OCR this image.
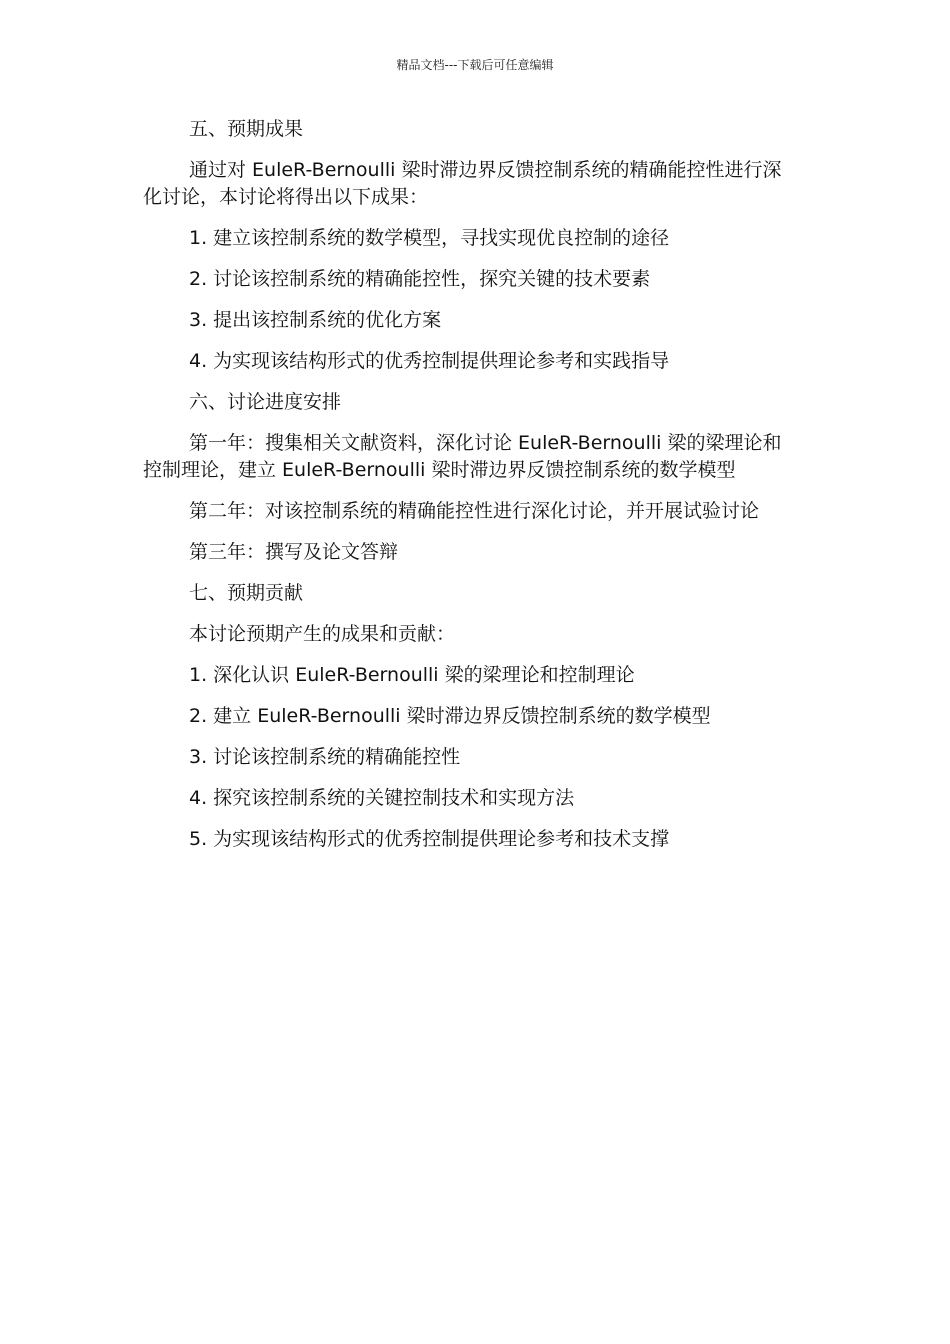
精品文档---下载后可任意编辑

五、预期成果

通过对 EuleR-Bernoulli 梁时滞边界反馈控制系统的精确能控性进行深化讨论，本讨论将得出以下成果：

1. 建立该控制系统的数学模型，寻找实现优良控制的途径

2. 讨论该控制系统的精确能控性，探究关键的技术要素

3. 提出该控制系统的优化方案

4. 为实现该结构形式的优秀控制提供理论参考和实践指导

六、讨论进度安排

第一年：搜集相关文献资料，深化讨论 EuleR-Bernoulli 梁的梁理论和控制理论，建立 EuleR-Bernoulli 梁时滞边界反馈控制系统的数学模型

第二年：对该控制系统的精确能控性进行深化讨论，并开展试验讨论

第三年：撰写及论文答辩

七、预期贡献

本讨论预期产生的成果和贡献：

1. 深化认识 EuleR-Bernoulli 梁的梁理论和控制理论

2. 建立 EuleR-Bernoulli 梁时滞边界反馈控制系统的数学模型

3. 讨论该控制系统的精确能控性

4. 探究该控制系统的关键控制技术和实现方法

5. 为实现该结构形式的优秀控制提供理论参考和技术支撑
